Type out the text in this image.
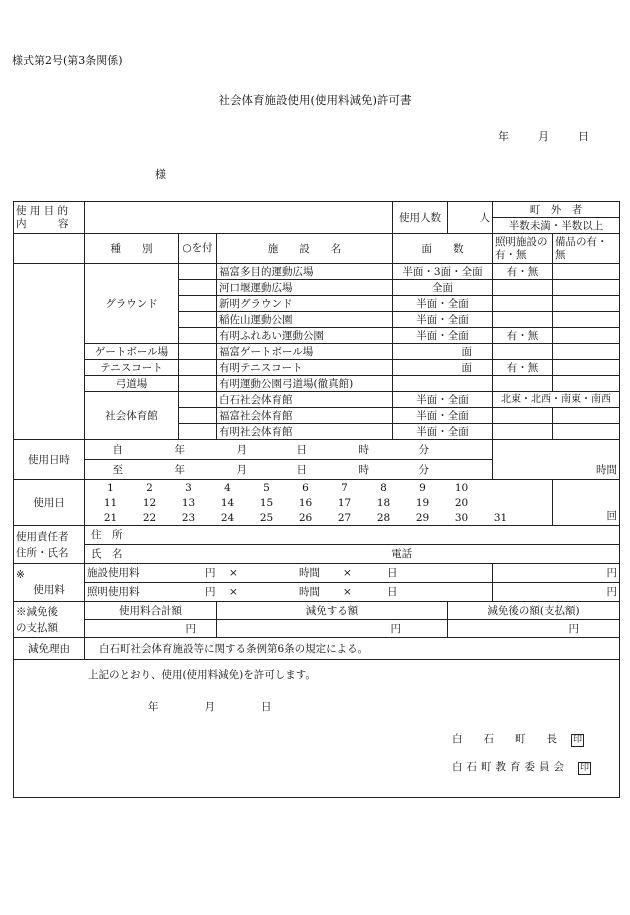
様式第2号(第3条関係)
社会体育施設使用(使用料減免)許可書
年	月	日
様
使 用 目 的
内　　　容				使用人数	人	町　外　者	
						半数未満・半数以上	
	種　　別	○を付	施　　設　　名	面　　数		照明施設の有・無	備品の有・無
	グラウンド		福富多目的運動広場	半面・3面・全面		有・無	
			河口堰運動広場	全面			
			新明グラウンド	半面・全面			
			稲佐山運動公園	半面・全面			
			有明ふれあい運動公園	半面・全面		有・無	
	ゲートボール場		福富ゲートボール場	面			
	テニスコート		有明テニスコート	面		有・無	
	弓道場		有明運動公園弓道場(徹真館)				
	社会体育館		白石社会体育館	半面・全面		北東・北西・南東・南西	
			福富社会体育館	半面・全面			
			有明社会体育館	半面・全面			
使用日時	自 年 月 日 時 分					時間	
	至 年 月 日 時 分						
使用日	1 2 3 4 5 6 7 8 9 10						回
	11 12 13 14 15 16 17 18 19 20						
	21 22 23 24 25 26 27 28 29 30 31						

使用責任者
住所・氏名	住　所						
	氏　名 電話						

※
使用料	施設使用料 円 × 時間 × 日					円	
	照明使用料 円 × 時間 × 日					円	

※減免後
の支払額	使用料合計額		減免する額		減免後の額(支払額)		
	円		円		円		
減免理由	白石町社会体育施設等に関する条例第6条の規定による。						

上記のとおり、使用(使用料減免)を許可します。
年 月 日
白　　石　　町　　長 印
白石町教育委員会 印							
